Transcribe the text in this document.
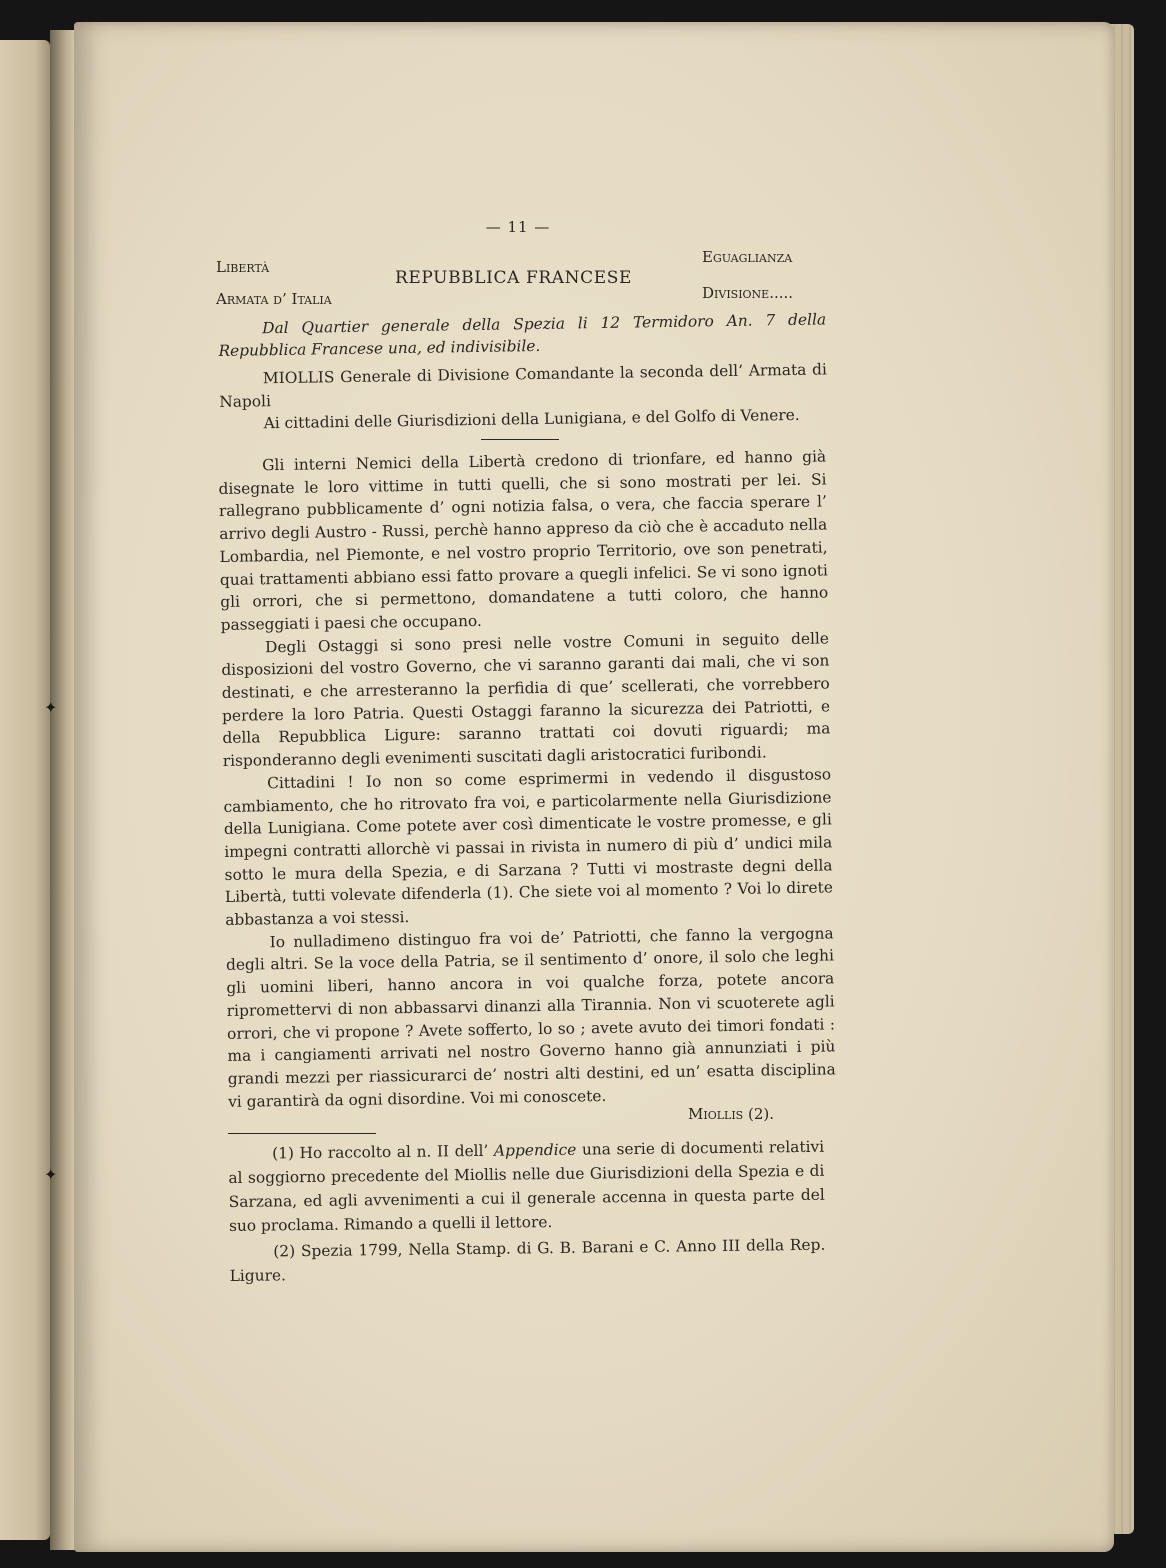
✦
✦
— 11 —
Libertà
REPUBBLICA FRANCESE
Eguaglianza
Armata d’ Italia	Divisione.....

Dal Quartier generale della Spezia li 12 Termidoro An. 7 della Repubblica Francese una, ed indivisibile.

MIOLLIS Generale di Divisione Comandante la seconda dell’ Armata di Napoli

Ai cittadini delle Giurisdizioni della Lunigiana, e del Golfo di Venere.

Gli interni Nemici della Libertà credono di trionfare, ed hanno già disegnate le loro vittime in tutti quelli, che si sono mostrati per lei. Si rallegrano pubblicamente d’ ogni notizia falsa, o vera, che faccia sperare l’ arrivo degli Austro - Russi, perchè hanno appreso da ciò che è accaduto nella Lombardia, nel Piemonte, e nel vostro proprio Territorio, ove son penetrati, quai trattamenti abbiano essi fatto provare a quegli infelici. Se vi sono ignoti gli orrori, che si permettono, domandatene a tutti coloro, che hanno passeggiati i paesi che occupano.

Degli Ostaggi si sono presi nelle vostre Comuni in seguito delle disposizioni del vostro Governo, che vi saranno garanti dai mali, che vi son destinati, e che arresteranno la perfidia di que’ scellerati, che vorrebbero perdere la loro Patria. Questi Ostaggi faranno la sicurezza dei Patriotti, e della Repubblica Ligure: saranno trattati coi dovuti riguardi; ma risponderanno degli evenimenti suscitati dagli aristocratici furibondi.

Cittadini ! Io non so come esprimermi in vedendo il disgustoso cambiamento, che ho ritrovato fra voi, e particolarmente nella Giurisdizione della Lunigiana. Come potete aver così dimenticate le vostre promesse, e gli impegni contratti allorchè vi passai in rivista in numero di più d’ undici mila sotto le mura della Spezia, e di Sarzana ? Tutti vi mostraste degni della Libertà, tutti volevate difenderla (1). Che siete voi al momento ? Voi lo direte abbastanza a voi stessi.

Io nulladimeno distinguo fra voi de’ Patriotti, che fanno la vergogna degli altri. Se la voce della Patria, se il sentimento d’ onore, il solo che leghi gli uomini liberi, hanno ancora in voi qualche forza, potete ancora ripromettervi di non abbassarvi dinanzi alla Tirannia. Non vi scuoterete agli orrori, che vi propone ? Avete sofferto, lo so ; avete avuto dei timori fondati : ma i cangiamenti arrivati nel nostro Governo hanno già annunziati i più grandi mezzi per riassicurarci de’ nostri alti destini, ed un’ esatta disciplina vi garantirà da ogni disordine. Voi mi conoscete.

Miollis (2).

(1) Ho raccolto al n. II dell’ Appendice una serie di documenti relativi al soggiorno precedente del Miollis nelle due Giurisdizioni della Spezia e di Sarzana, ed agli avvenimenti a cui il generale accenna in questa parte del suo proclama. Rimando a quelli il lettore.

(2) Spezia 1799, Nella Stamp. di G. B. Barani e C. Anno III della Rep. Ligure.
